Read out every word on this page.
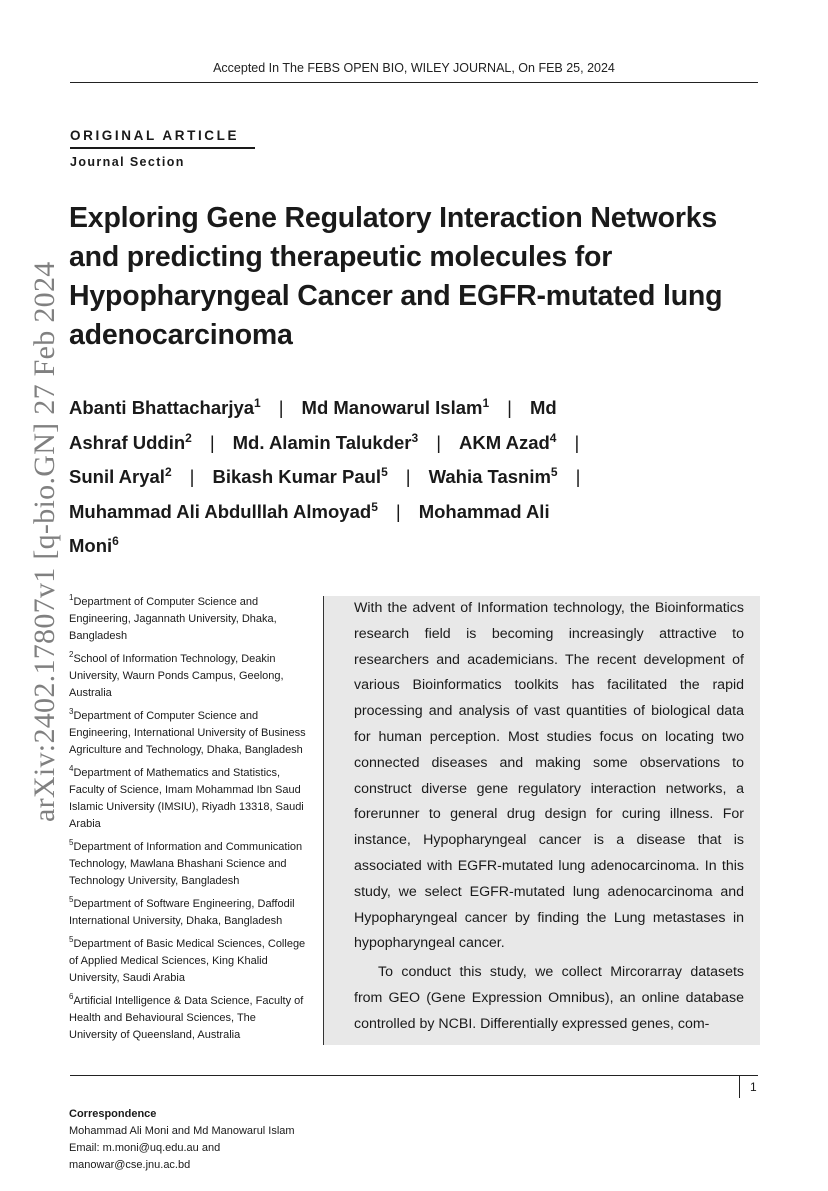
Accepted In The FEBS OPEN BIO, WILEY JOURNAL, On FEB 25, 2024
arXiv:2402.17807v1 [q-bio.GN] 27 Feb 2024
ORIGINAL ARTICLE
Journal Section
Exploring Gene Regulatory Interaction Networks
and predicting therapeutic molecules for
Hypopharyngeal Cancer and EGFR-mutated lung
adenocarcinoma
Abanti Bhattacharjya$^1$ | Md Manowarul Islam$^1$ | Md
Ashraf Uddin$^2$ | Md. Alamin Talukder$^3$ | AKM Azad$^4$ |
Sunil Aryal$^2$ | Bikash Kumar Paul$^5$ | Wahia Tasnim$^5$ |
Muhammad Ali Abdulllah Almoyad$^5$ | Mohammad Ali
Moni$^6$
$^1$Department of Computer Science and Engineering, Jagannath University, Dhaka, Bangladesh
$^2$School of Information Technology, Deakin University, Waurn Ponds Campus, Geelong, Australia
$^3$Department of Computer Science and Engineering, International University of Business Agriculture and Technology, Dhaka, Bangladesh
$^4$Department of Mathematics and Statistics, Faculty of Science, Imam Mohammad Ibn Saud Islamic University (IMSIU), Riyadh 13318, Saudi Arabia
$^5$Department of Information and Communication Technology, Mawlana Bhashani Science and Technology University, Bangladesh
$^5$Department of Software Engineering, Daffodil International University, Dhaka, Bangladesh
$^5$Department of Basic Medical Sciences, College of Applied Medical Sciences, King Khalid University, Saudi Arabia
$^6$Artificial Intelligence & Data Science, Faculty of Health and Behavioural Sciences, The University of Queensland, Australia

With the advent of Information technology, the Bioinformatics research field is becoming increasingly attractive to researchers and academicians. The recent development of various Bioinformatics toolkits has facilitated the rapid processing and analysis of vast quantities of biological data for human perception. Most studies focus on locating two connected diseases and making some observations to construct diverse gene regulatory interaction networks, a forerunner to general drug design for curing illness. For instance, Hypopharyngeal cancer is a disease that is associated with EGFR-mutated lung adenocarcinoma. In this study, we select EGFR-mutated lung adenocarcinoma and Hypopharyngeal cancer by finding the Lung metastases in hypopharyngeal cancer.

To conduct this study, we collect Mircorarray datasets from GEO (Gene Expression Omnibus), an online database controlled by NCBI. Differentially expressed genes, com-

1
Correspondence
Mohammad Ali Moni and Md Manowarul Islam
Email: m.moni@uq.edu.au and manowar@cse.jnu.ac.bd
